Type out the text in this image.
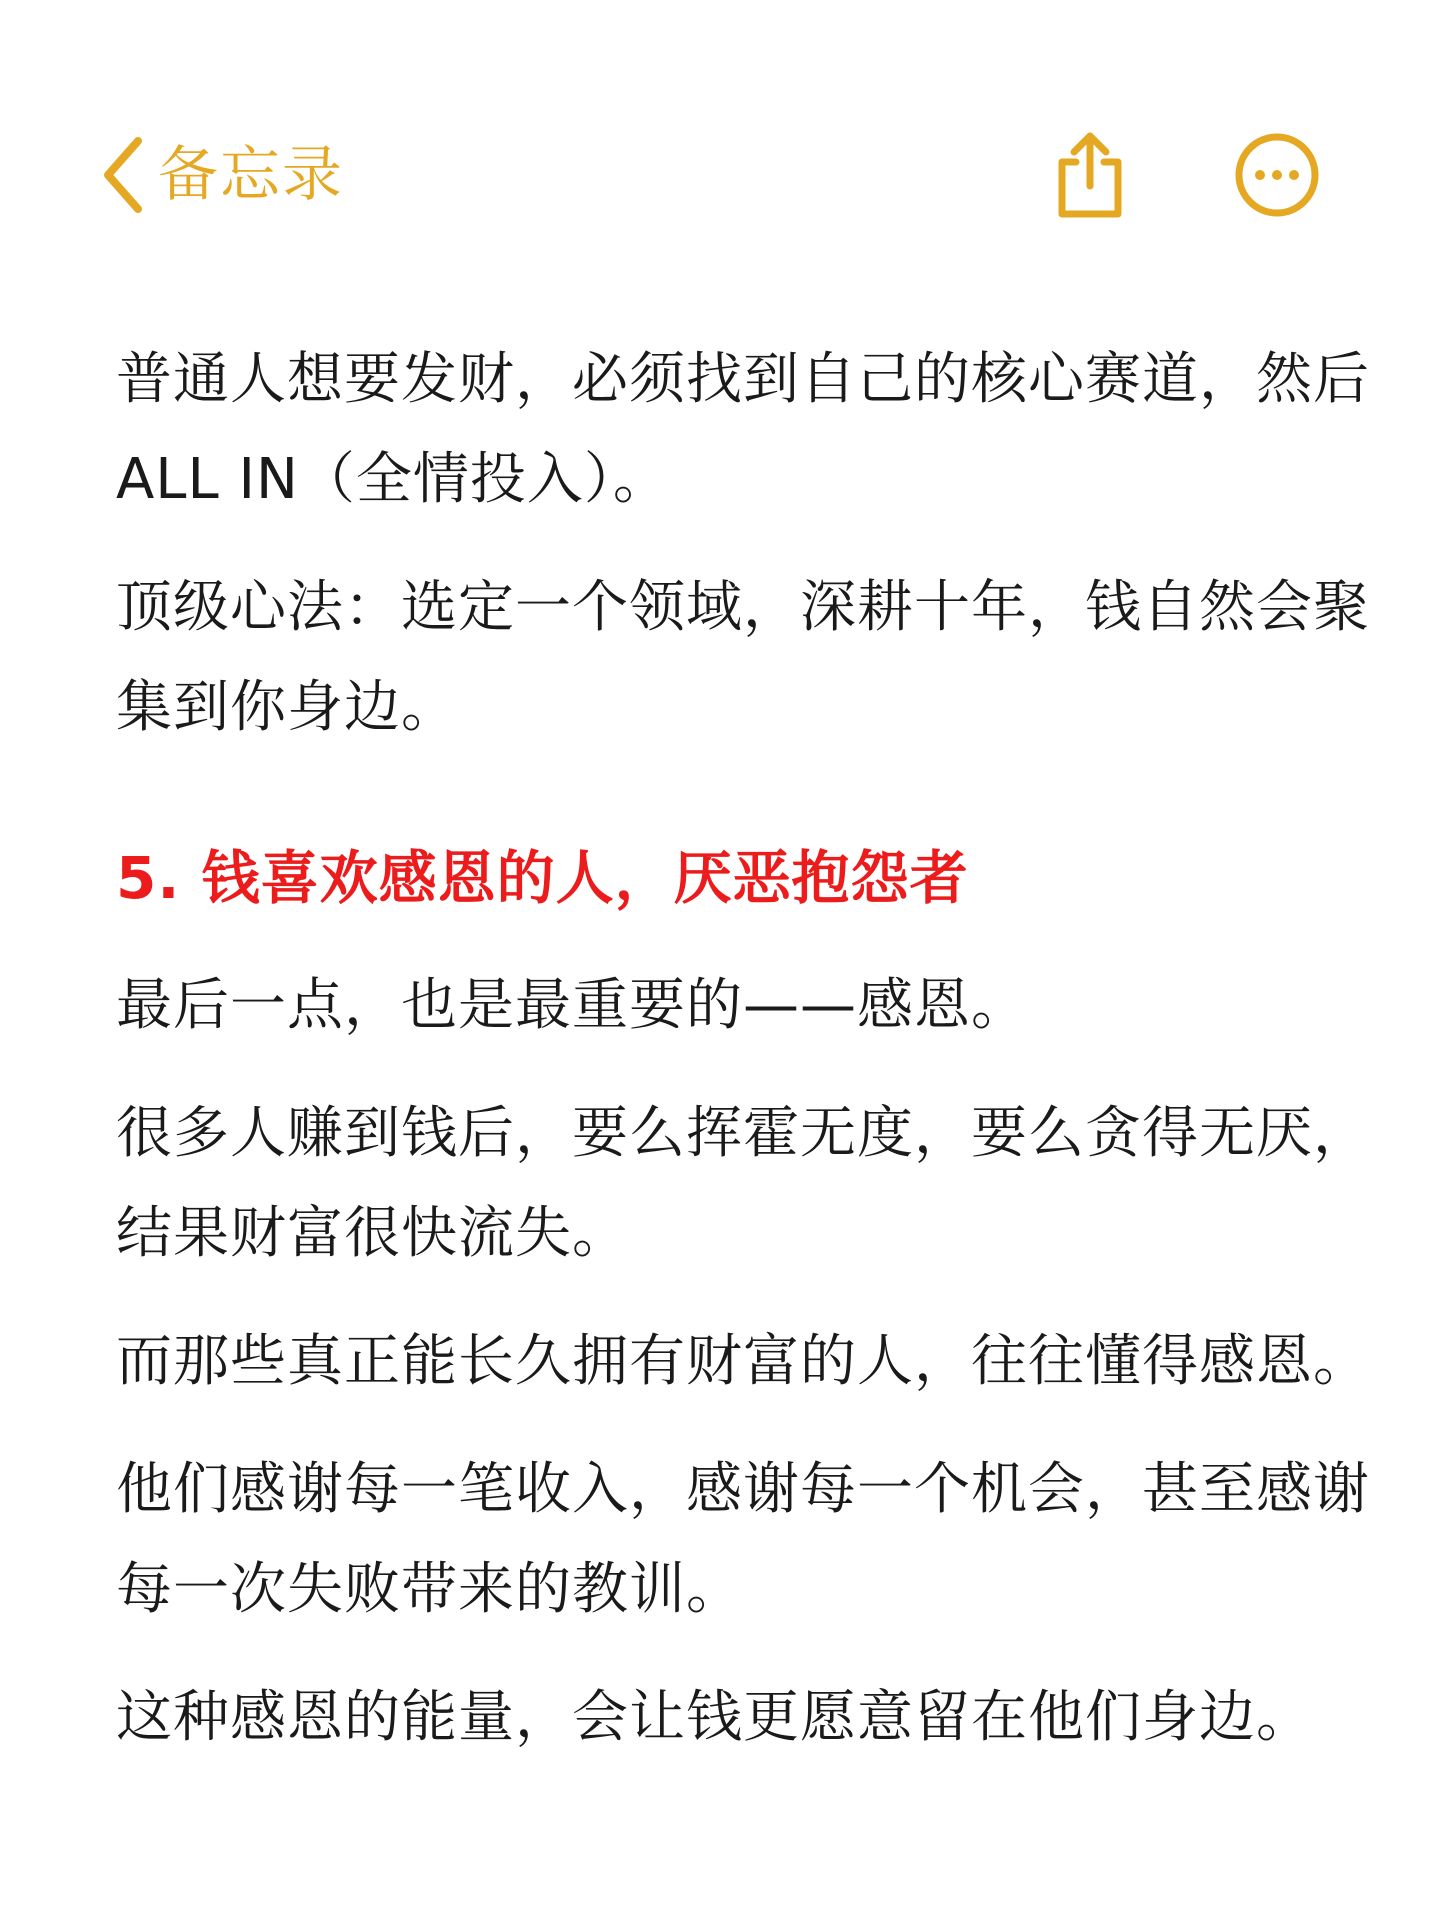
备忘录

普通人想要发财，必须找到自己的核心赛道，然后ALL IN（全情投入）。

顶级心法：选定一个领域，深耕十年，钱自然会聚集到你身边。

5. 钱喜欢感恩的人，厌恶抱怨者

最后一点，也是最重要的——感恩。

很多人赚到钱后，要么挥霍无度，要么贪得无厌，结果财富很快流失。

而那些真正能长久拥有财富的人，往往懂得感恩。

他们感谢每一笔收入，感谢每一个机会，甚至感谢每一次失败带来的教训。

这种感恩的能量，会让钱更愿意留在他们身边。
